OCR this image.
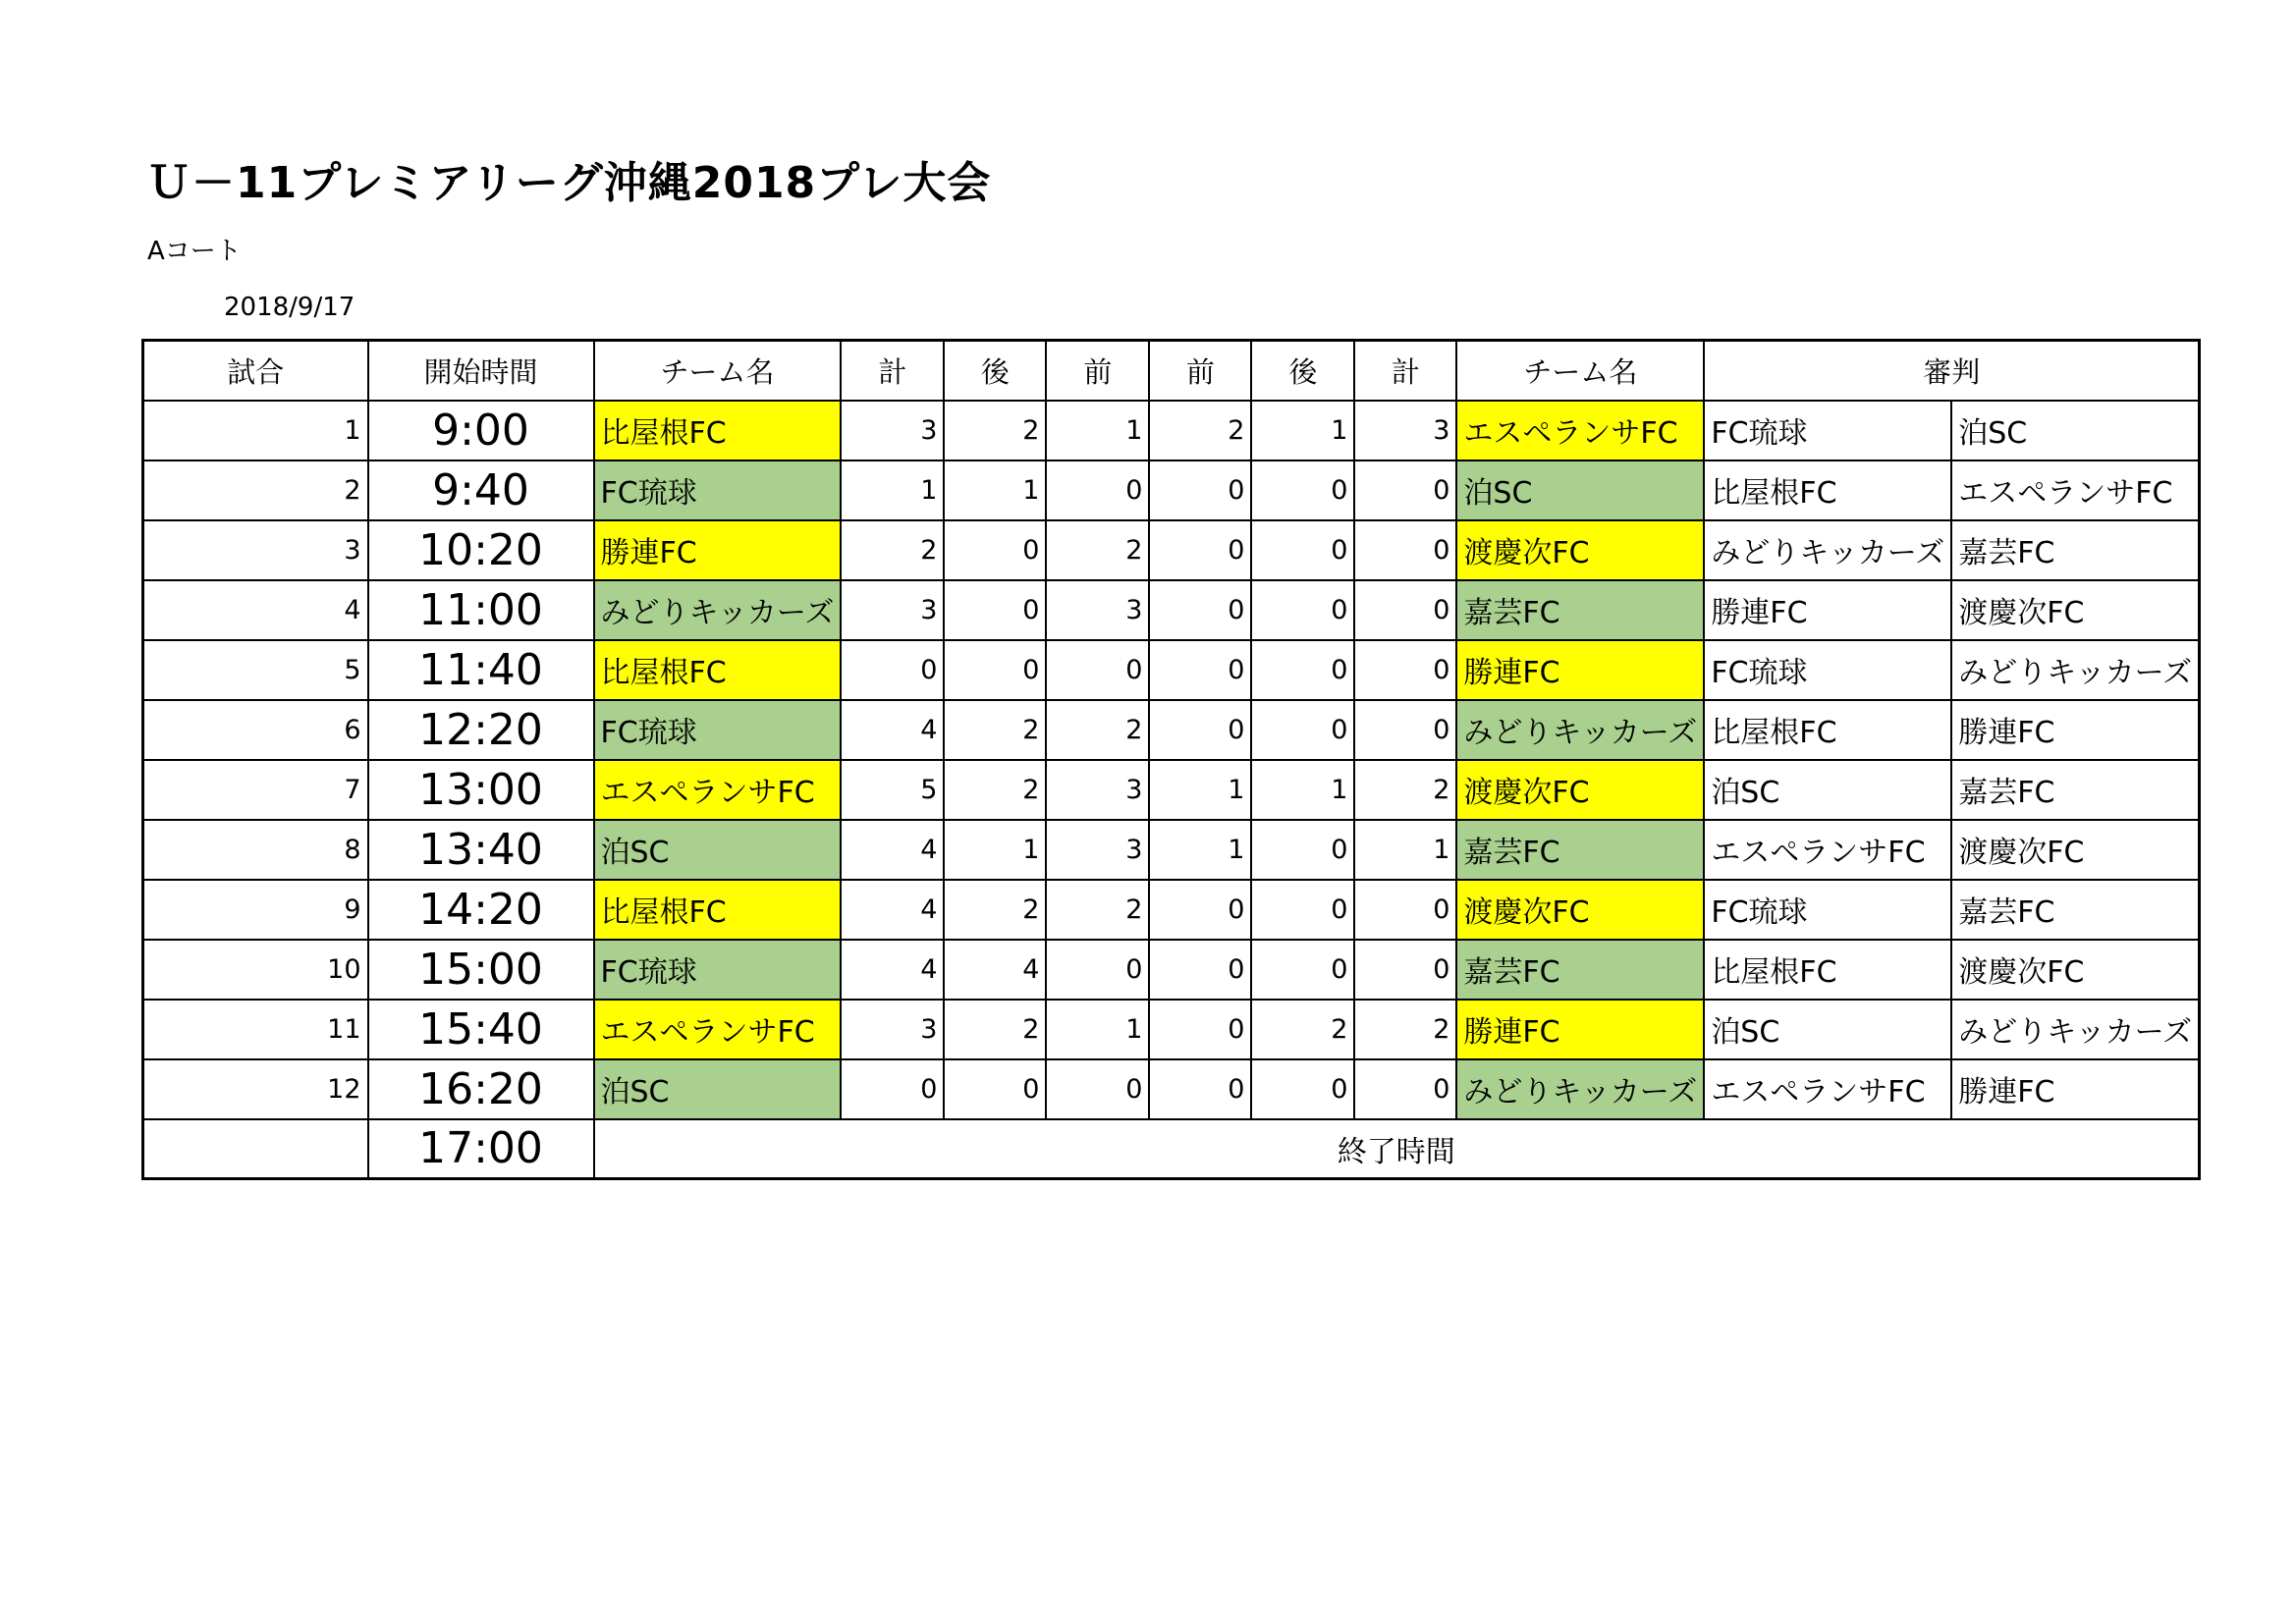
Ｕ－11プレミアリーグ沖縄2018プレ大会
Aコート
2018/9/17
試合	開始時間	チーム名	計	後	前	前	後	計	チーム名	審判	
1	9:00	比屋根FC	3	2	1	2	1	3	エスペランサFC	FC琉球	泊SC
2	9:40	FC琉球	1	1	0	0	0	0	泊SC	比屋根FC	エスペランサFC
3	10:20	勝連FC	2	0	2	0	0	0	渡慶次FC	みどりキッカーズ	嘉芸FC
4	11:00	みどりキッカーズ	3	0	3	0	0	0	嘉芸FC	勝連FC	渡慶次FC
5	11:40	比屋根FC	0	0	0	0	0	0	勝連FC	FC琉球	みどりキッカーズ
6	12:20	FC琉球	4	2	2	0	0	0	みどりキッカーズ	比屋根FC	勝連FC
7	13:00	エスペランサFC	5	2	3	1	1	2	渡慶次FC	泊SC	嘉芸FC
8	13:40	泊SC	4	1	3	1	0	1	嘉芸FC	エスペランサFC	渡慶次FC
9	14:20	比屋根FC	4	2	2	0	0	0	渡慶次FC	FC琉球	嘉芸FC
10	15:00	FC琉球	4	4	0	0	0	0	嘉芸FC	比屋根FC	渡慶次FC
11	15:40	エスペランサFC	3	2	1	0	2	2	勝連FC	泊SC	みどりキッカーズ
12	16:20	泊SC	0	0	0	0	0	0	みどりキッカーズ	エスペランサFC	勝連FC
	17:00	終了時間									
